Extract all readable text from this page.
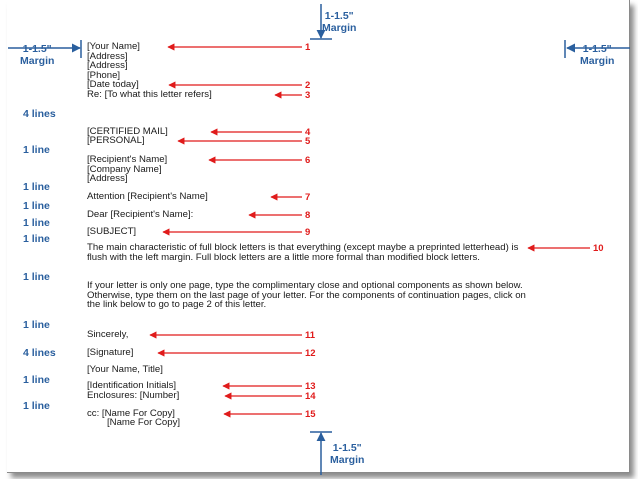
1-1.5"
Margin
1-1.5"
Margin
1-1.5"
Margin
1-1.5"
Margin

[Your Name]

[Address]

[Address]

[Phone]

[Date today]

Re: [To what this letter refers]

[CERTIFIED MAIL]

[PERSONAL]

[Recipient's Name]

[Company Name]

[Address]

Attention [Recipient's Name]

Dear [Recipient's Name]:

[SUBJECT]

The main characteristic of full block letters is that everything (except maybe a preprinted letterhead) is flush with the left margin. Full block letters are a little more formal than modified block letters.

If your letter is only one page, type the complimentary close and optional components as shown below. Otherwise, type them on the last page of your letter. For the components of continuation pages, click on the link below to go to page 2 of this letter.

Sincerely,

[Signature]

[Your Name, Title]

[Identification Initials]

Enclosures: [Number]

cc: [Name For Copy]

[Name For Copy]

4 lines
1 line
1 line
1 line
1 line
1 line
1 line
1 line
4 lines
1 line
1 line
1
2
3
4
5
6
7
8
9
10
11
12
13
14
15
